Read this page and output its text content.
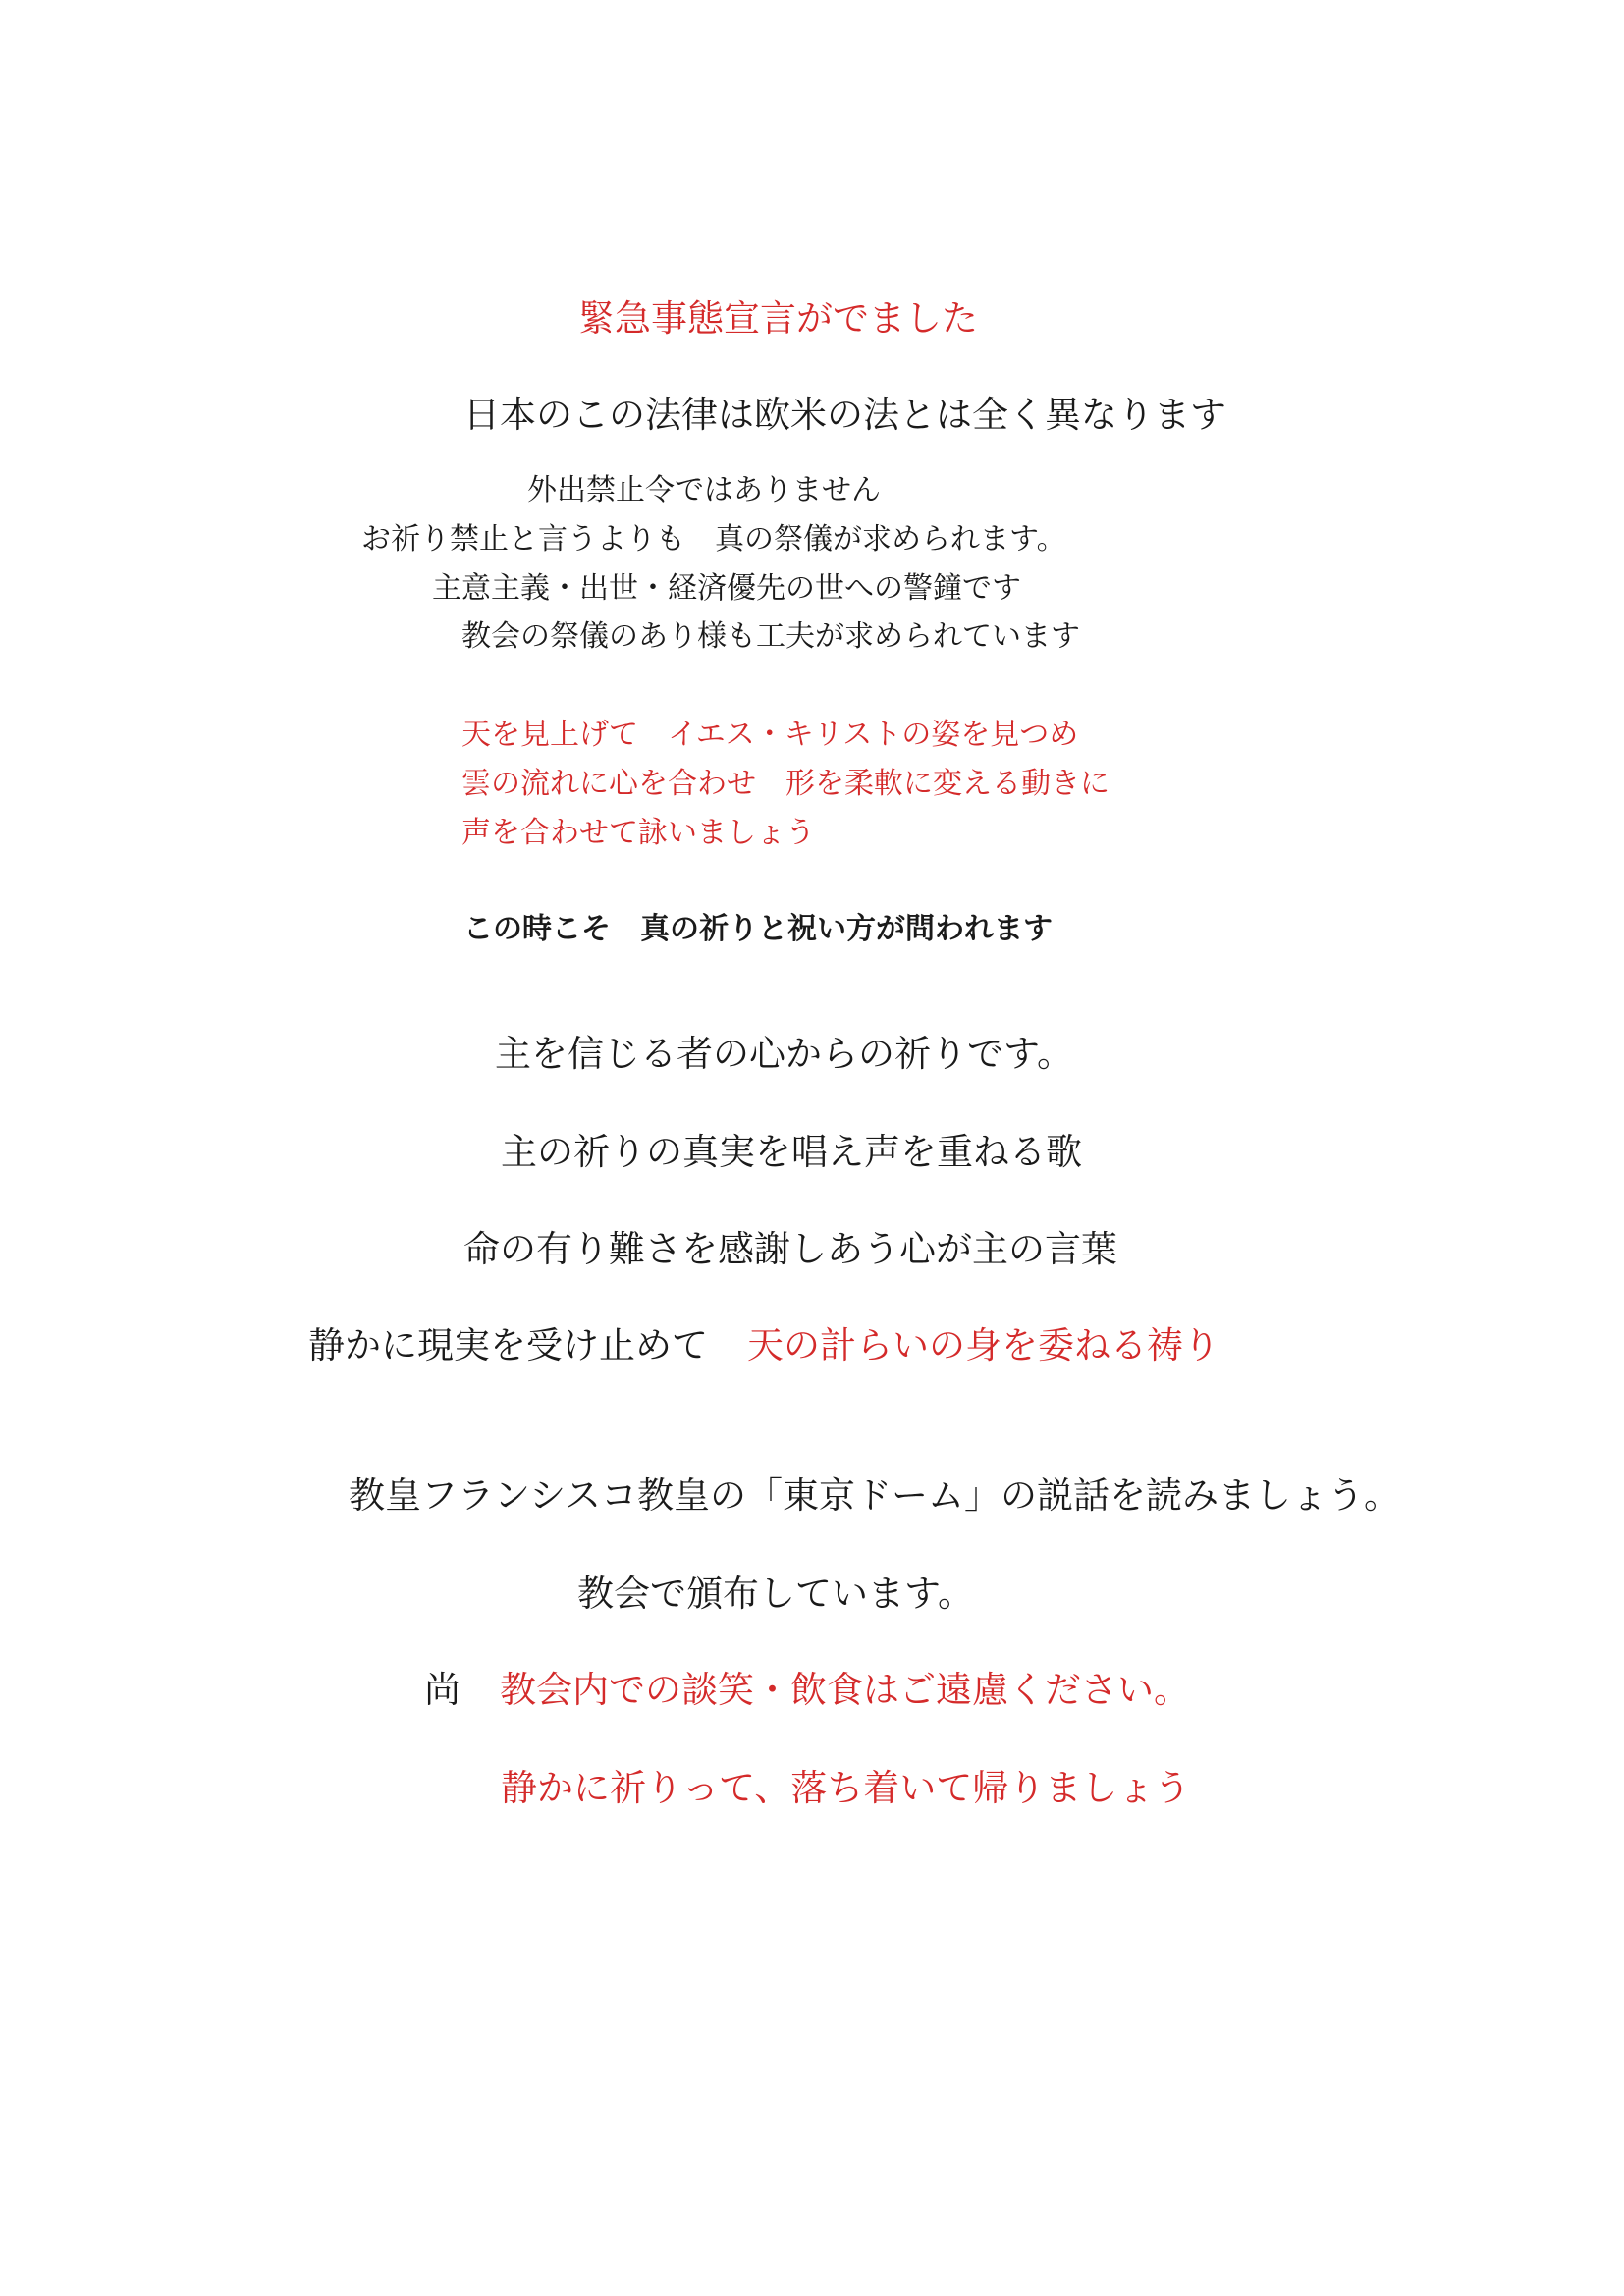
緊急事態宣言がでました
日本のこの法律は欧米の法とは全く異なります
外出禁止令ではありません
お祈り禁止と言うよりも　真の祭儀が求められます。
主意主義・出世・経済優先の世への警鐘です
教会の祭儀のあり様も工夫が求められています
天を見上げて　イエス・キリストの姿を見つめ
雲の流れに心を合わせ　形を柔軟に変える動きに
声を合わせて詠いましょう
この時こそ　真の祈りと祝い方が問われます
主を信じる者の心からの祈りです。
主の祈りの真実を唱え声を重ねる歌
命の有り難さを感謝しあう心が主の言葉
静かに現実を受け止めて 天の計らいの身を委ねる祷り
教皇フランシスコ教皇の「東京ドーム」の説話を読みましょう。
教会で頒布しています。
尚 教会内での談笑・飲食はご遠慮ください。
静かに祈りって、落ち着いて帰りましょう
